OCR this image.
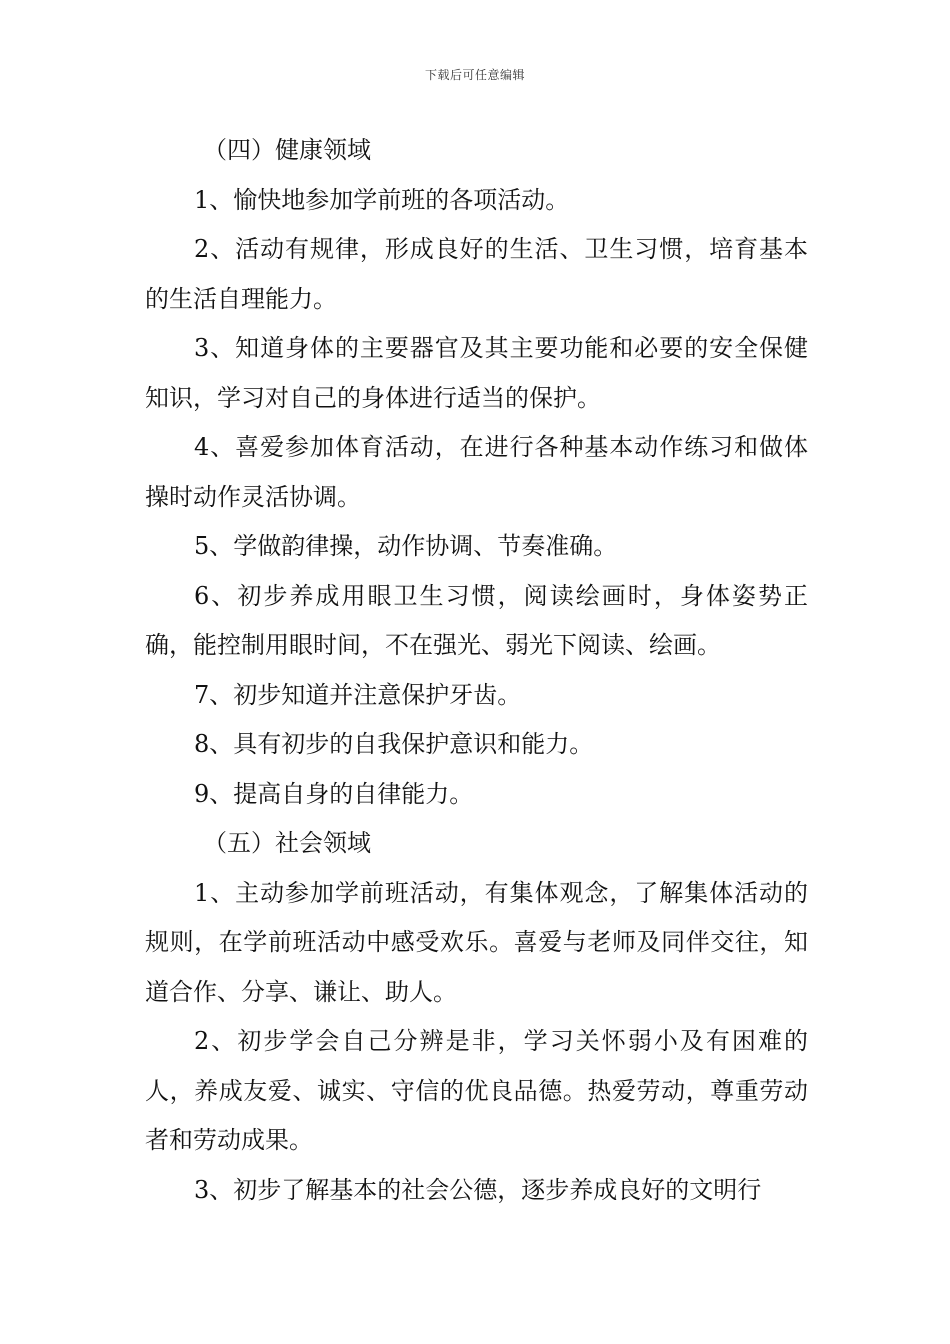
下载后可任意编辑

（四）健康领域

1、愉快地参加学前班的各项活动。

2、活动有规律，形成良好的生活、卫生习惯，培育基本的生活自理能力。

3、知道身体的主要器官及其主要功能和必要的安全保健知识，学习对自己的身体进行适当的保护。

4、喜爱参加体育活动，在进行各种基本动作练习和做体操时动作灵活协调。

5、学做韵律操，动作协调、节奏准确。

6、初步养成用眼卫生习惯，阅读绘画时，身体姿势正确，能控制用眼时间，不在强光、弱光下阅读、绘画。

7、初步知道并注意保护牙齿。

8、具有初步的自我保护意识和能力。

9、提高自身的自律能力。

（五）社会领域

1、主动参加学前班活动，有集体观念，了解集体活动的规则，在学前班活动中感受欢乐。喜爱与老师及同伴交往，知道合作、分享、谦让、助人。

2、初步学会自己分辨是非，学习关怀弱小及有困难的人，养成友爱、诚实、守信的优良品德。热爱劳动，尊重劳动者和劳动成果。

3、初步了解基本的社会公德，逐步养成良好的文明行
